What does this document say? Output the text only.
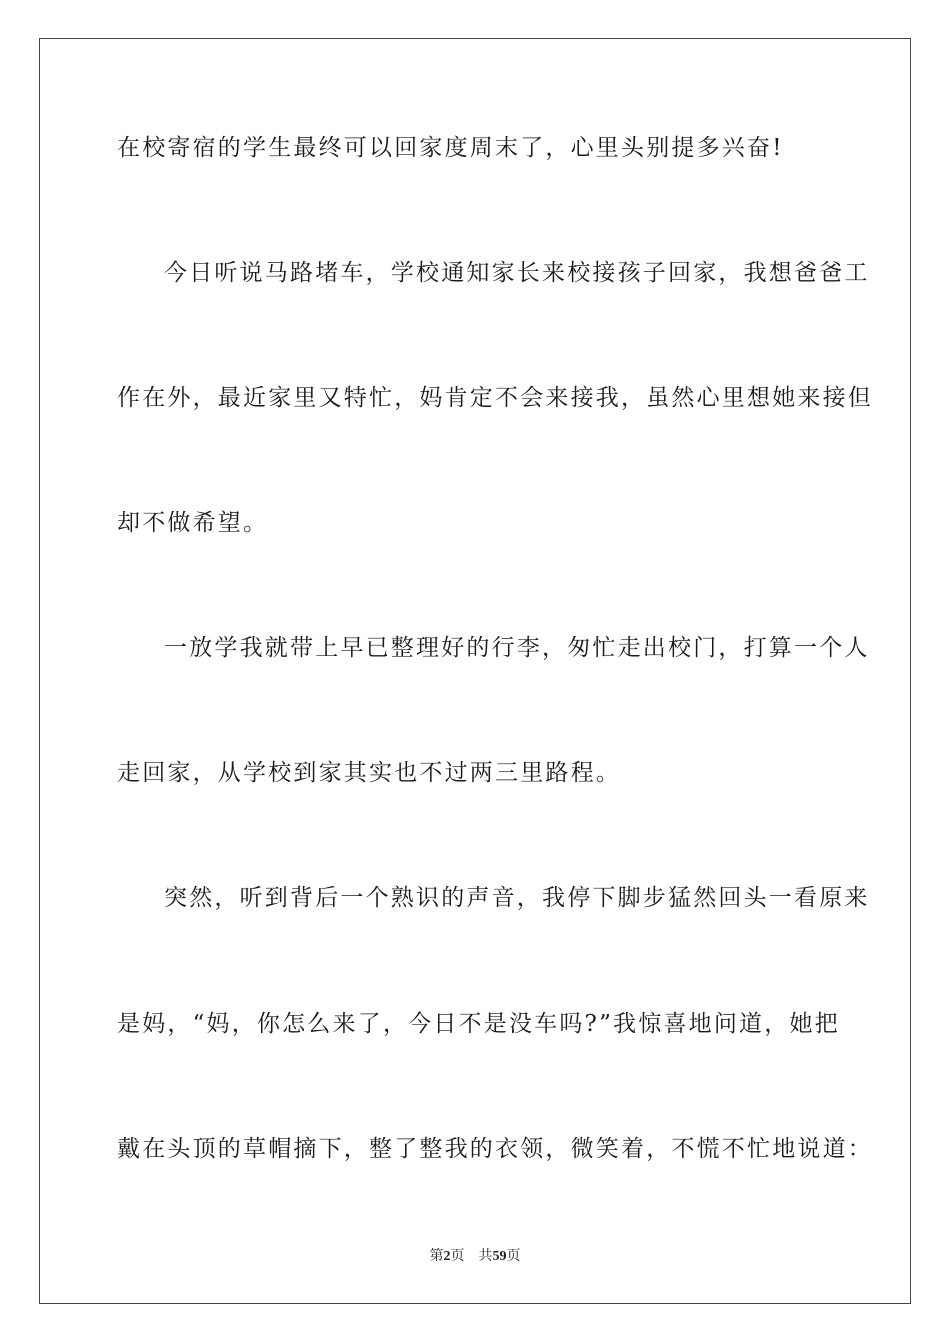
在校寄宿的学生最终可以回家度周末了，心里头别提多兴奋!
今日听说马路堵车，学校通知家长来校接孩子回家，我想爸爸工
作在外，最近家里又特忙，妈肯定不会来接我，虽然心里想她来接但
却不做希望。
一放学我就带上早已整理好的行李，匆忙走出校门，打算一个人
走回家，从学校到家其实也不过两三里路程。
突然，听到背后一个熟识的声音，我停下脚步猛然回头一看原来
是妈，“妈，你怎么来了，今日不是没车吗?”我惊喜地问道，她把
戴在头顶的草帽摘下，整了整我的衣领，微笑着，不慌不忙地说道：
第2页 共59页
